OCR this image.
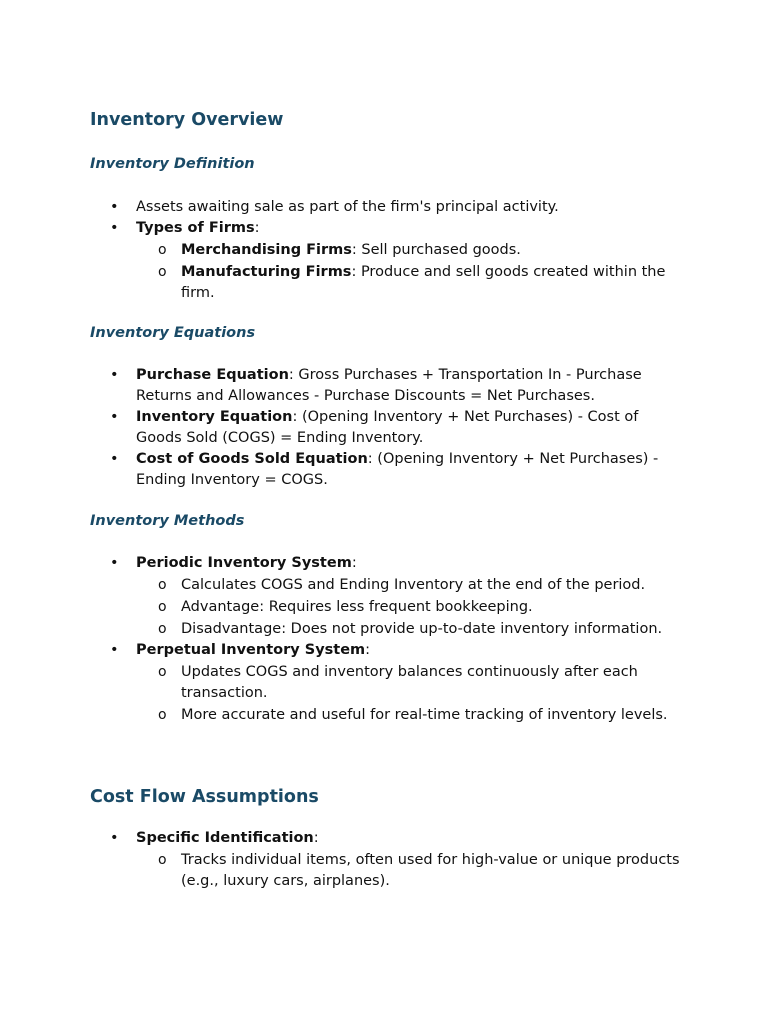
Inventory Overview
Inventory Definition
• Assets awaiting sale as part of the firm's principal activity.
• Types of Firms:
o Merchandising Firms: Sell purchased goods.
o Manufacturing Firms: Produce and sell goods created within the firm.
Inventory Equations
• Purchase Equation: Gross Purchases + Transportation In - Purchase Returns and Allowances - Purchase Discounts = Net Purchases.
• Inventory Equation: (Opening Inventory + Net Purchases) - Cost of Goods Sold (COGS) = Ending Inventory.
• Cost of Goods Sold Equation: (Opening Inventory + Net Purchases) - Ending Inventory = COGS.
Inventory Methods
• Periodic Inventory System:
o Calculates COGS and Ending Inventory at the end of the period.
o Advantage: Requires less frequent bookkeeping.
o Disadvantage: Does not provide up-to-date inventory information.
• Perpetual Inventory System:
o Updates COGS and inventory balances continuously after each transaction.
o More accurate and useful for real-time tracking of inventory levels.
Cost Flow Assumptions
• Specific Identification:
o Tracks individual items, often used for high-value or unique products (e.g., luxury cars, airplanes).
